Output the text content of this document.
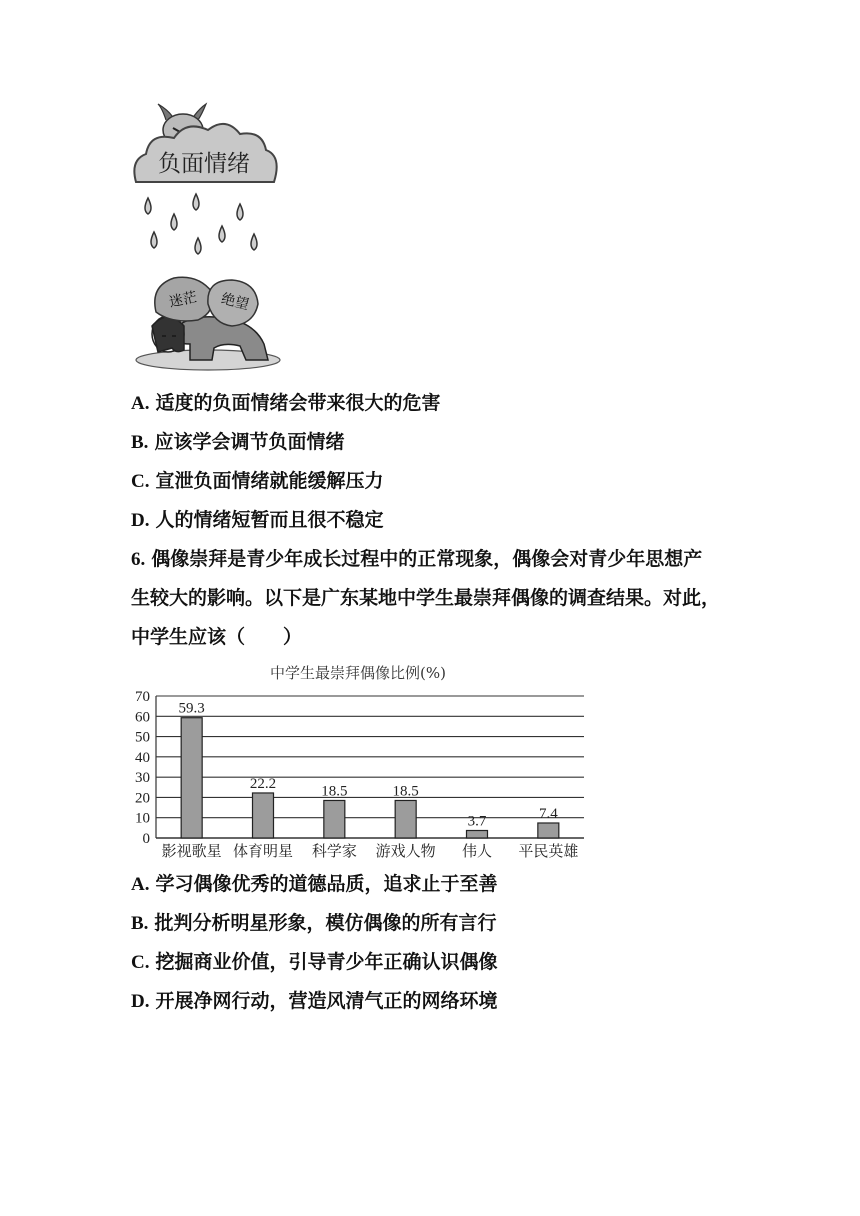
负面情绪
迷茫 绝望

A. 适度的负面情绪会带来很大的危害

B. 应该学会调节负面情绪

C. 宣泄负面情绪就能缓解压力

D. 人的情绪短暂而且很不稳定

6. 偶像崇拜是青少年成长过程中的正常现象，偶像会对青少年思想产

生较大的影响。以下是广东某地中学生最崇拜偶像的调查结果。对此，

中学生应该（　　）

中学生最崇拜偶像比例(%)
59.3
22.2	18.5	18.5
3.7	7.4
0
10
20
30
40
50
60
70
影视歌星 体育明星 科学家 游戏人物 伟人 平民英雄

A. 学习偶像优秀的道德品质，追求止于至善

B. 批判分析明星形象，模仿偶像的所有言行

C. 挖掘商业价值，引导青少年正确认识偶像

D. 开展净网行动，营造风清气正的网络环境
